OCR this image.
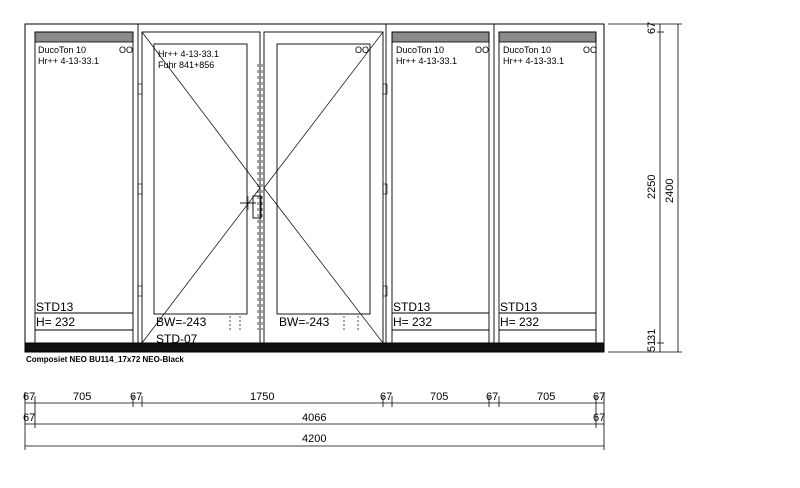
DucoTon 10
Hr++ 4-13-33.1
OO
STD13
H= 232
DucoTon 10
Hr++ 4-13-33.1
OO
STD13
H= 232
DucoTon 10
Hr++ 4-13-33.1
OO
STD13
H= 232
Hr++ 4-13-33.1
Fuhr 841+856
BW=-243
STD-07
OO
BW=-243
Composiet NEO BU114_17x72 NEO-Black
67
2250
51
31
2400
67	705	67	1750	67	705	67	705	67
67	4066	67
4200
